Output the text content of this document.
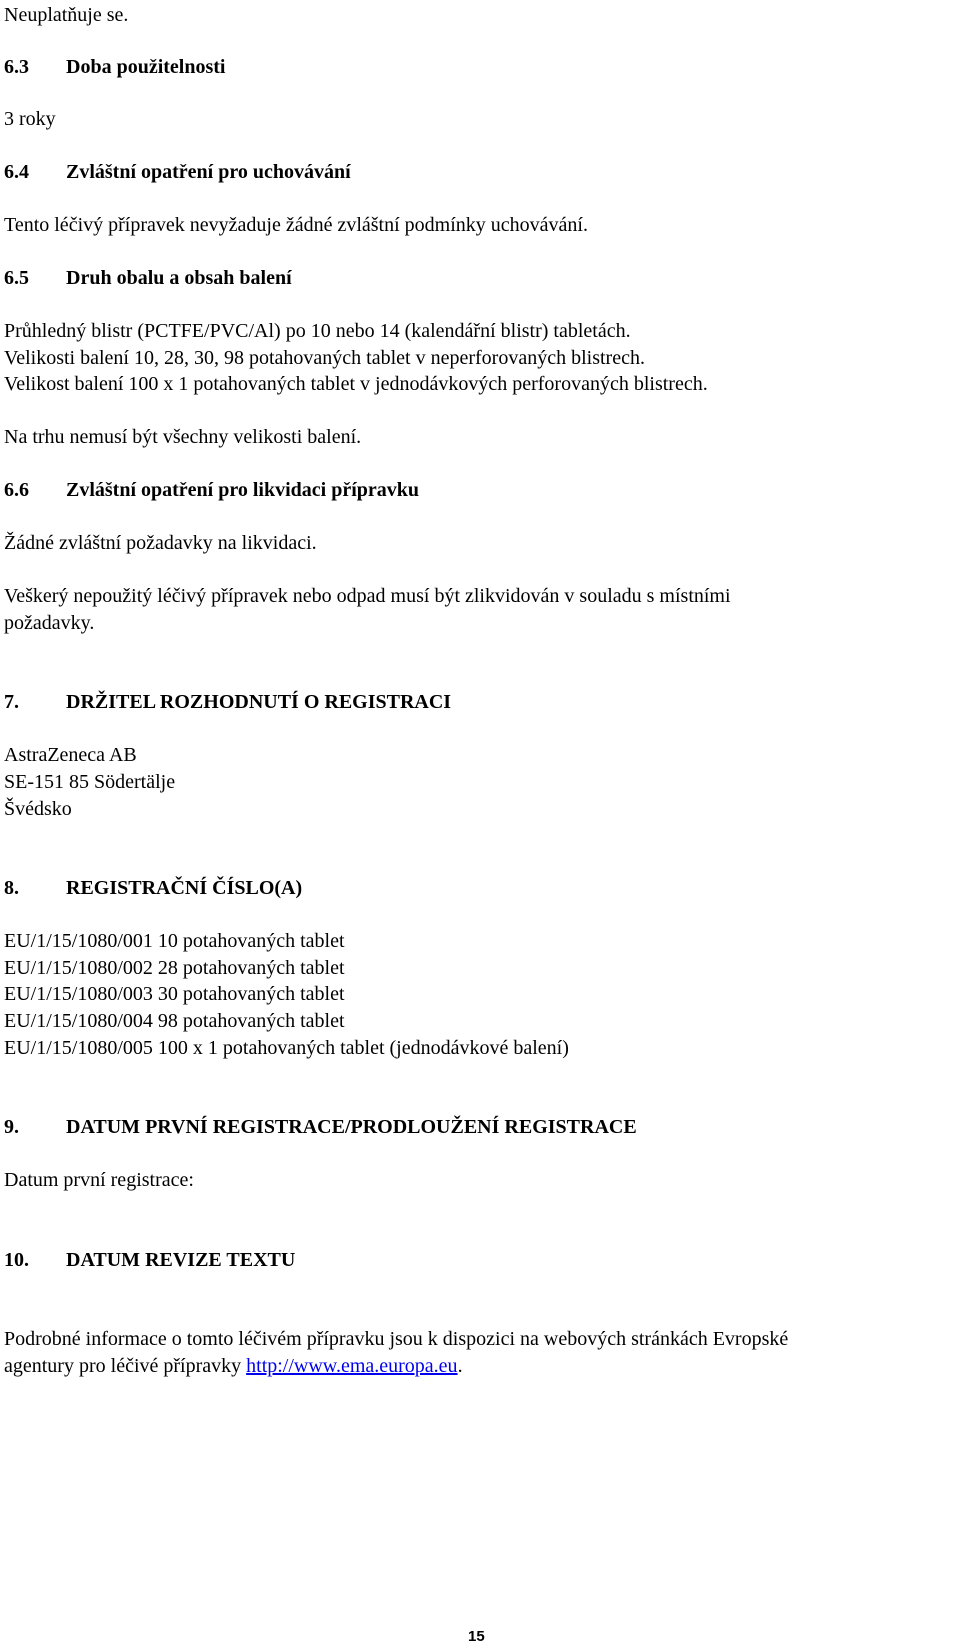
Neuplatňuje se.
6.3 Doba použitelnosti
3 roky
6.4 Zvláštní opatření pro uchovávání
Tento léčivý přípravek nevyžaduje žádné zvláštní podmínky uchovávání.
6.5 Druh obalu a obsah balení
Průhledný blistr (PCTFE/PVC/Al) po 10 nebo 14 (kalendářní blistr) tabletách.
Velikosti balení 10, 28, 30, 98 potahovaných tablet v neperforovaných blistrech.
Velikost balení 100 x 1 potahovaných tablet v jednodávkových perforovaných blistrech.
Na trhu nemusí být všechny velikosti balení.
6.6 Zvláštní opatření pro likvidaci přípravku
Žádné zvláštní požadavky na likvidaci.
Veškerý nepoužitý léčivý přípravek nebo odpad musí být zlikvidován v souladu s místními
požadavky.
7. DRŽITEL ROZHODNUTÍ O REGISTRACI
AstraZeneca AB
SE-151 85 Södertälje
Švédsko
8. REGISTRAČNÍ ČÍSLO(A)
EU/1/15/1080/001 10 potahovaných tablet
EU/1/15/1080/002 28 potahovaných tablet
EU/1/15/1080/003 30 potahovaných tablet
EU/1/15/1080/004 98 potahovaných tablet
EU/1/15/1080/005 100 x 1 potahovaných tablet (jednodávkové balení)
9. DATUM PRVNÍ REGISTRACE/PRODLOUŽENÍ REGISTRACE
Datum první registrace:
10. DATUM REVIZE TEXTU
Podrobné informace o tomto léčivém přípravku jsou k dispozici na webových stránkách Evropské
agentury pro léčivé přípravky http://www.ema.europa.eu.
15
